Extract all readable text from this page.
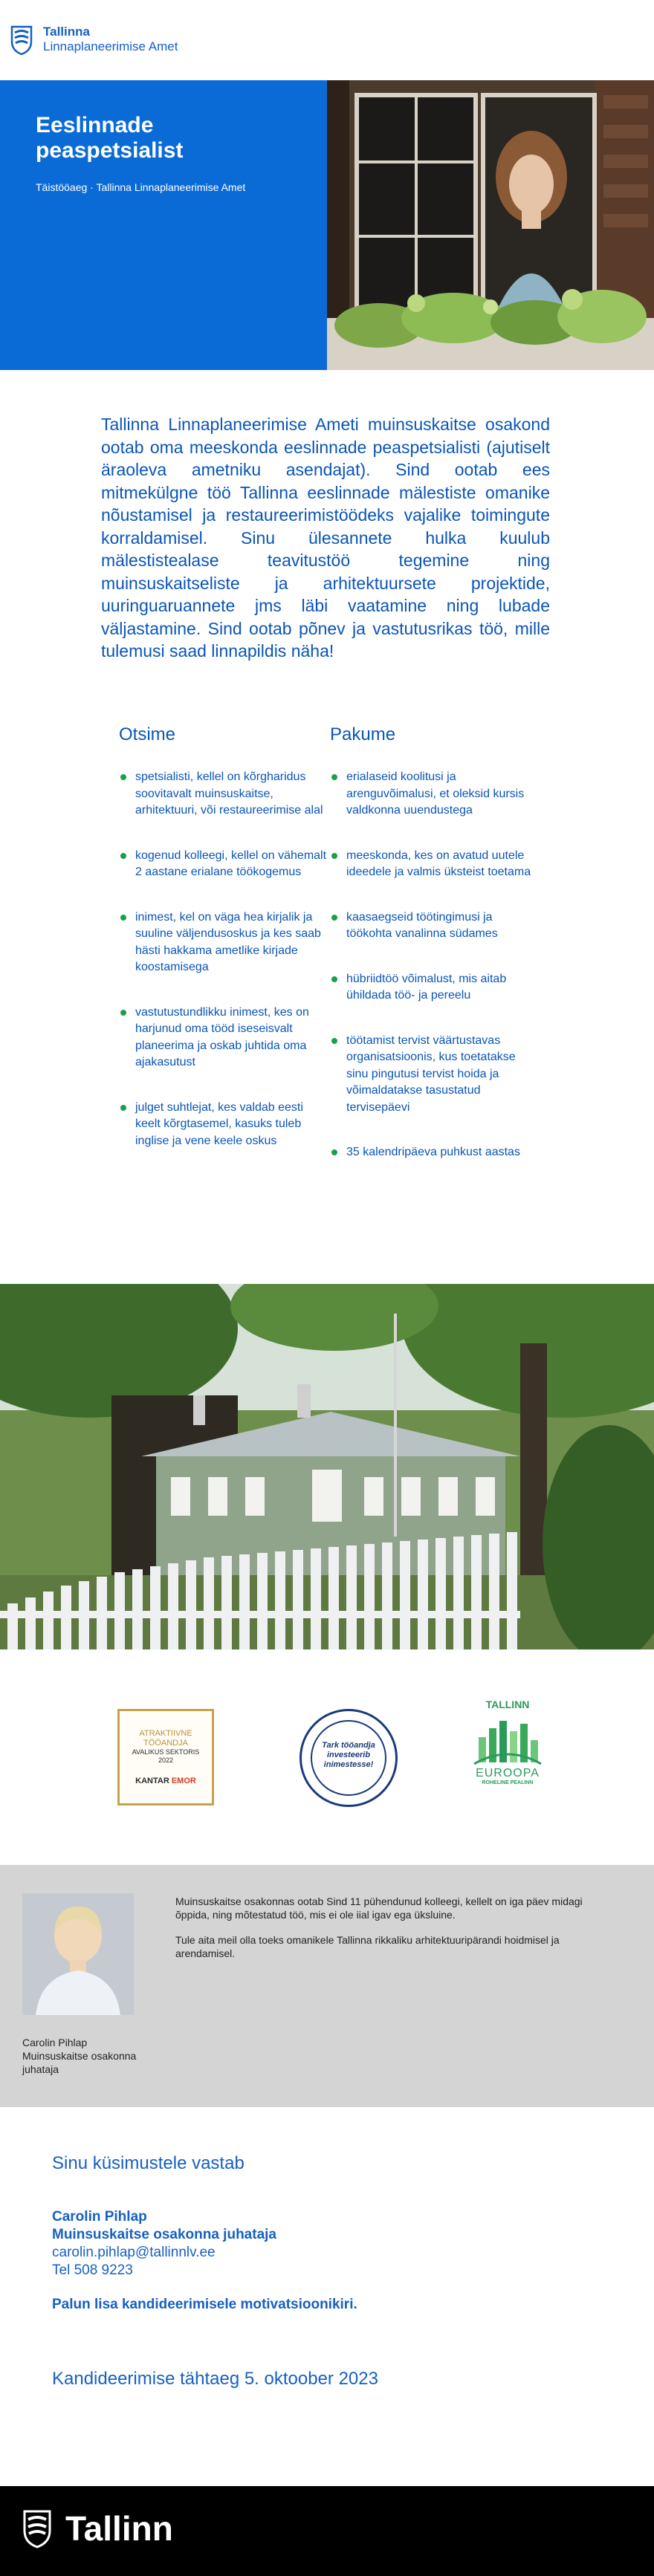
Tallinna
Linnaplaneerimise Amet
Eeslinnade peaspetsialist
Täistööaeg · Tallinna Linnaplaneerimise Amet

Tallinna Linnaplaneerimise Ameti muinsuskaitse osakond ootab oma meeskonda eeslinnade peaspetsialisti (ajutiselt äraoleva ametniku asendajat). Sind ootab ees mitmekülgne töö Tallinna eeslinnade mälestiste omanike nõustamisel ja restaureerimistöödeks vajalike toimingute korraldamisel. Sinu ülesannete hulka kuulub mälestistealase teavitustöö tegemine ning muinsuskaitseliste ja arhitektuursete projektide, uuringuaruannete jms läbi vaatamine ning lubade väljastamine. Sind ootab põnev ja vastutusrikas töö, mille tulemusi saad linnapildis näha!

Otsime
spetsialisti, kellel on kõrgharidus soovitavalt muinsuskaitse, arhitektuuri, või restaureerimise alal
kogenud kolleegi, kellel on vähemalt 2 aastane erialane töökogemus
inimest, kel on väga hea kirjalik ja suuline väljendusoskus ja kes saab hästi hakkama ametlike kirjade koostamisega
vastutustundlikku inimest, kes on harjunud oma tööd iseseisvalt planeerima ja oskab juhtida oma ajakasutust
julget suhtlejat, kes valdab eesti keelt kõrgtasemel, kasuks tuleb inglise ja vene keele oskus
Pakume
erialaseid koolitusi ja arenguvõimalusi, et oleksid kursis valdkonna uuendustega
meeskonda, kes on avatud uutele ideedele ja valmis üksteist toetama
kaasaegseid töötingimusi ja töökohta vanalinna südames
hübriidtöö võimalust, mis aitab ühildada töö- ja pereelu
töötamist tervist väärtustavas organisatsioonis, kus toetatakse sinu pingutusi tervist hoida ja võimaldatakse tasustatud tervisepäevi
35 kalendripäeva puhkust aastas
ATRAKTIIVNE
TÖÖANDJA
AVALIKUS SEKTORIS
2022
KANTAR EMOR
Tark tööandja investeerib inimestesse!
TALLINN
EUROOPA
ROHELINE PEALINN
Carolin Pihlap
Muinsuskaitse osakonna juhataja

Muinsuskaitse osakonnas ootab Sind 11 pühendunud kolleegi, kellelt on iga päev midagi õppida, ning mõtestatud töö, mis ei ole iial igav ega üksluine.

Tule aita meil olla toeks omanikele Tallinna rikkaliku arhitektuuripärandi hoidmisel ja arendamisel.

Sinu küsimustele vastab
Carolin Pihlap
Muinsuskaitse osakonna juhataja
carolin.pihlap@tallinnlv.ee
Tel 508 9223
Palun lisa kandideerimisele motivatsioonikiri.
Kandideerimise tähtaeg 5. oktoober 2023
Tallinn
